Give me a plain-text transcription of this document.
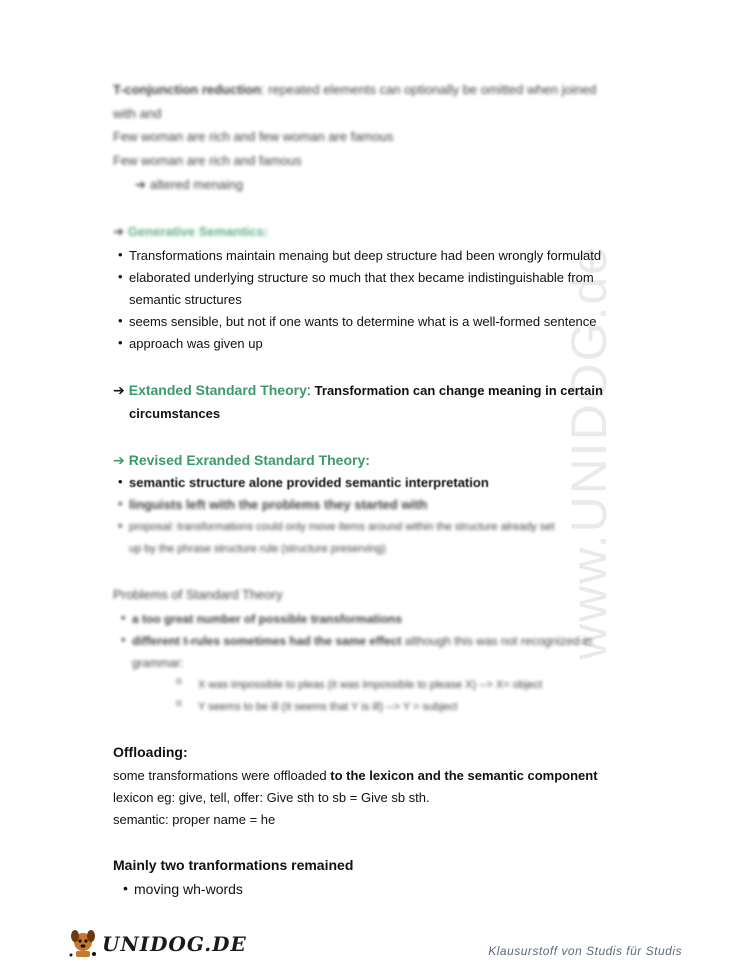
www.UNIDOG.de
T-conjunction reduction: repeated elements can optionally be omitted when joined
with and
Few woman are rich and few woman are famous
Few woman are rich and famous
➔ altered menaing
➔ Generative Semantics:
• Transformations maintain menaing but deep structure had been wrongly formulatd
• elaborated underlying structure so much that thex became indistinguishable from
semantic structures
• seems sensible, but not if one wants to determine what is a well-formed sentence
• approach was given up
➔ Extanded Standard Theory: Transformation can change meaning in certain
circumstances
➔ Revised Exranded Standard Theory:
• semantic structure alone provided semantic interpretation
• linguists left with the problems they started with
• proposal: transformations could only move items around within the structure already set
up by the phrase structure rule (structure preserving)
Problems of Standard Theory
• a too great number of possible transformations
• different t-rules sometimes had the same effect although this was not recognized in
grammar:
o X was impossible to pleas (it was impossible to please X) --> X= object
o Y seems to be ill (It seems that Y is ill) --> Y = subject
Offloading:
some transformations were offloaded to the lexicon and the semantic component
lexicon eg: give, tell, offer: Give sth to sb = Give sb sth.
semantic: proper name = he
Mainly two tranformations remained
• moving wh-words
UNIDOG.DE	Klausurstoff von Studis für Studis
